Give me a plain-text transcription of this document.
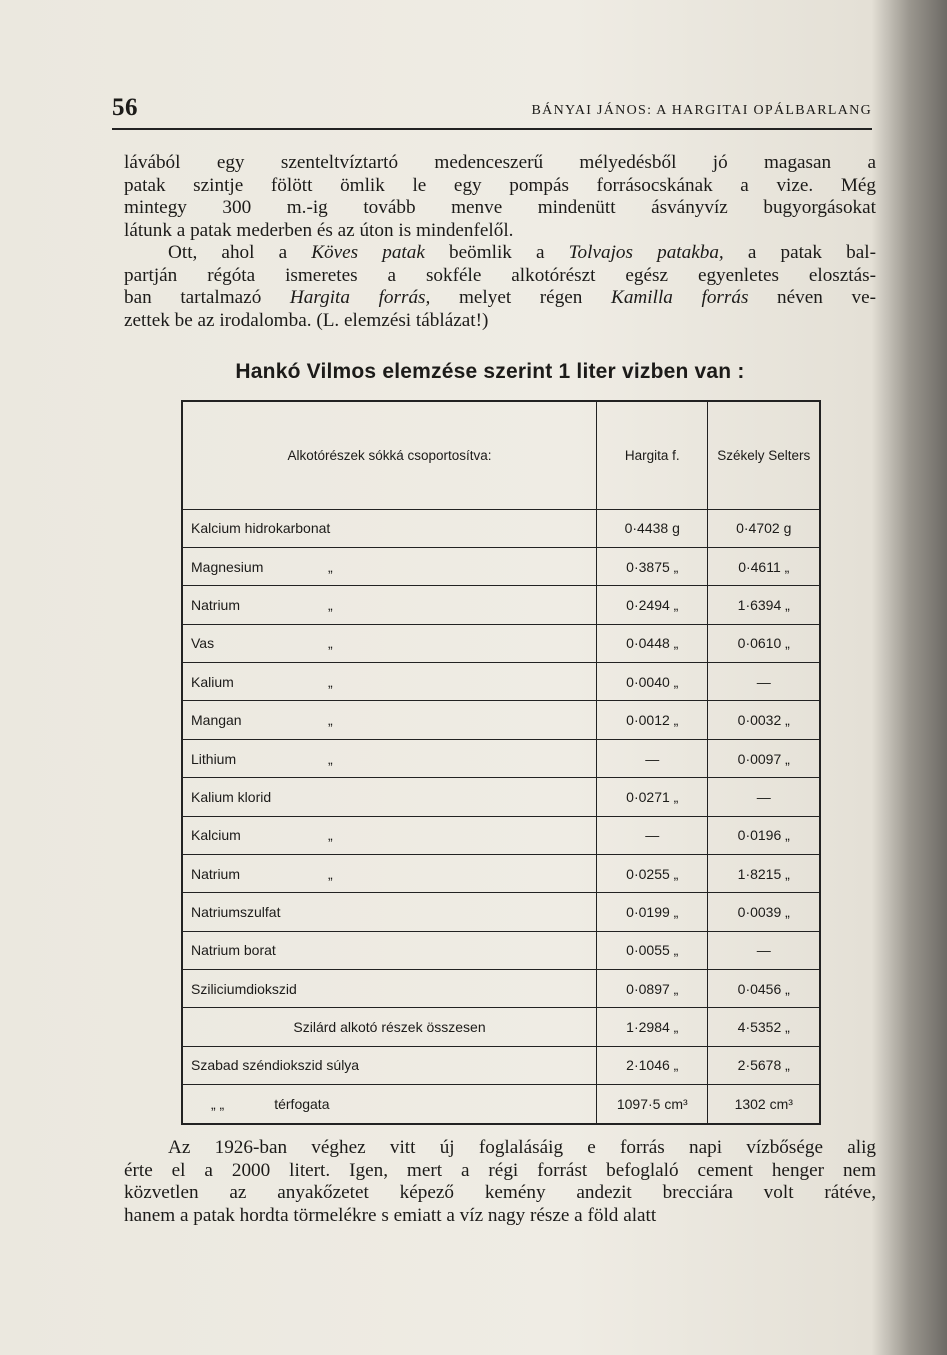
56	BÁNYAI JÁNOS: A HARGITAI OPÁLBARLANG
lávából egy szenteltvíztartó medenceszerű mélyedésből jó magasan a
patak szintje fölött ömlik le egy pompás forrásocskának a vize. Még
mintegy 300 m.-ig tovább menve mindenütt ásványvíz bugyorgásokat
látunk a patak mederben és az úton is mindenfelől.
Ott, ahol a Köves patak beömlik a Tolvajos patakba, a patak bal-
partján régóta ismeretes a sokféle alkotórészt egész egyenletes elosztás-
ban tartalmazó Hargita forrás, melyet régen Kamilla forrás néven ve-
zettek be az irodalomba. (L. elemzési táblázat!)
Hankó Vilmos elemzése szerint 1 liter vizben van :
Alkotórészek sókká csoportosítva:	Hargita f.	Székely Selters
Kalcium hidrokarbonat	0·4438 g	0·4702 g
Magnesium „	0·3875 „	0·4611 „
Natrium „	0·2494 „	1·6394 „
Vas „	0·0448 „	0·0610 „
Kalium „	0·0040 „	—
Mangan „	0·0012 „	0·0032 „
Lithium „	—	0·0097 „
Kalium klorid	0·0271 „	—
Kalcium „	—	0·0196 „
Natrium „	0·0255 „	1·8215 „
Natriumszulfat	0·0199 „	0·0039 „
Natrium borat	0·0055 „	—
Sziliciumdiokszid	0·0897 „	0·0456 „
Szilárd alkotó részek összesen	1·2984 „	4·5352 „
Szabad széndiokszid súlya	2·1046 „	2·5678 „
„ „ térfogata	1097·5 cm³	1302 cm³
Az 1926-ban véghez vitt új foglalásáig e forrás napi vízbősége alig
érte el a 2000 litert. Igen, mert a régi forrást befoglaló cement henger nem
közvetlen az anyakőzetet képező kemény andezit brecciára volt rátéve,
hanem a patak hordta törmelékre s emiatt a víz nagy része a föld alatt
